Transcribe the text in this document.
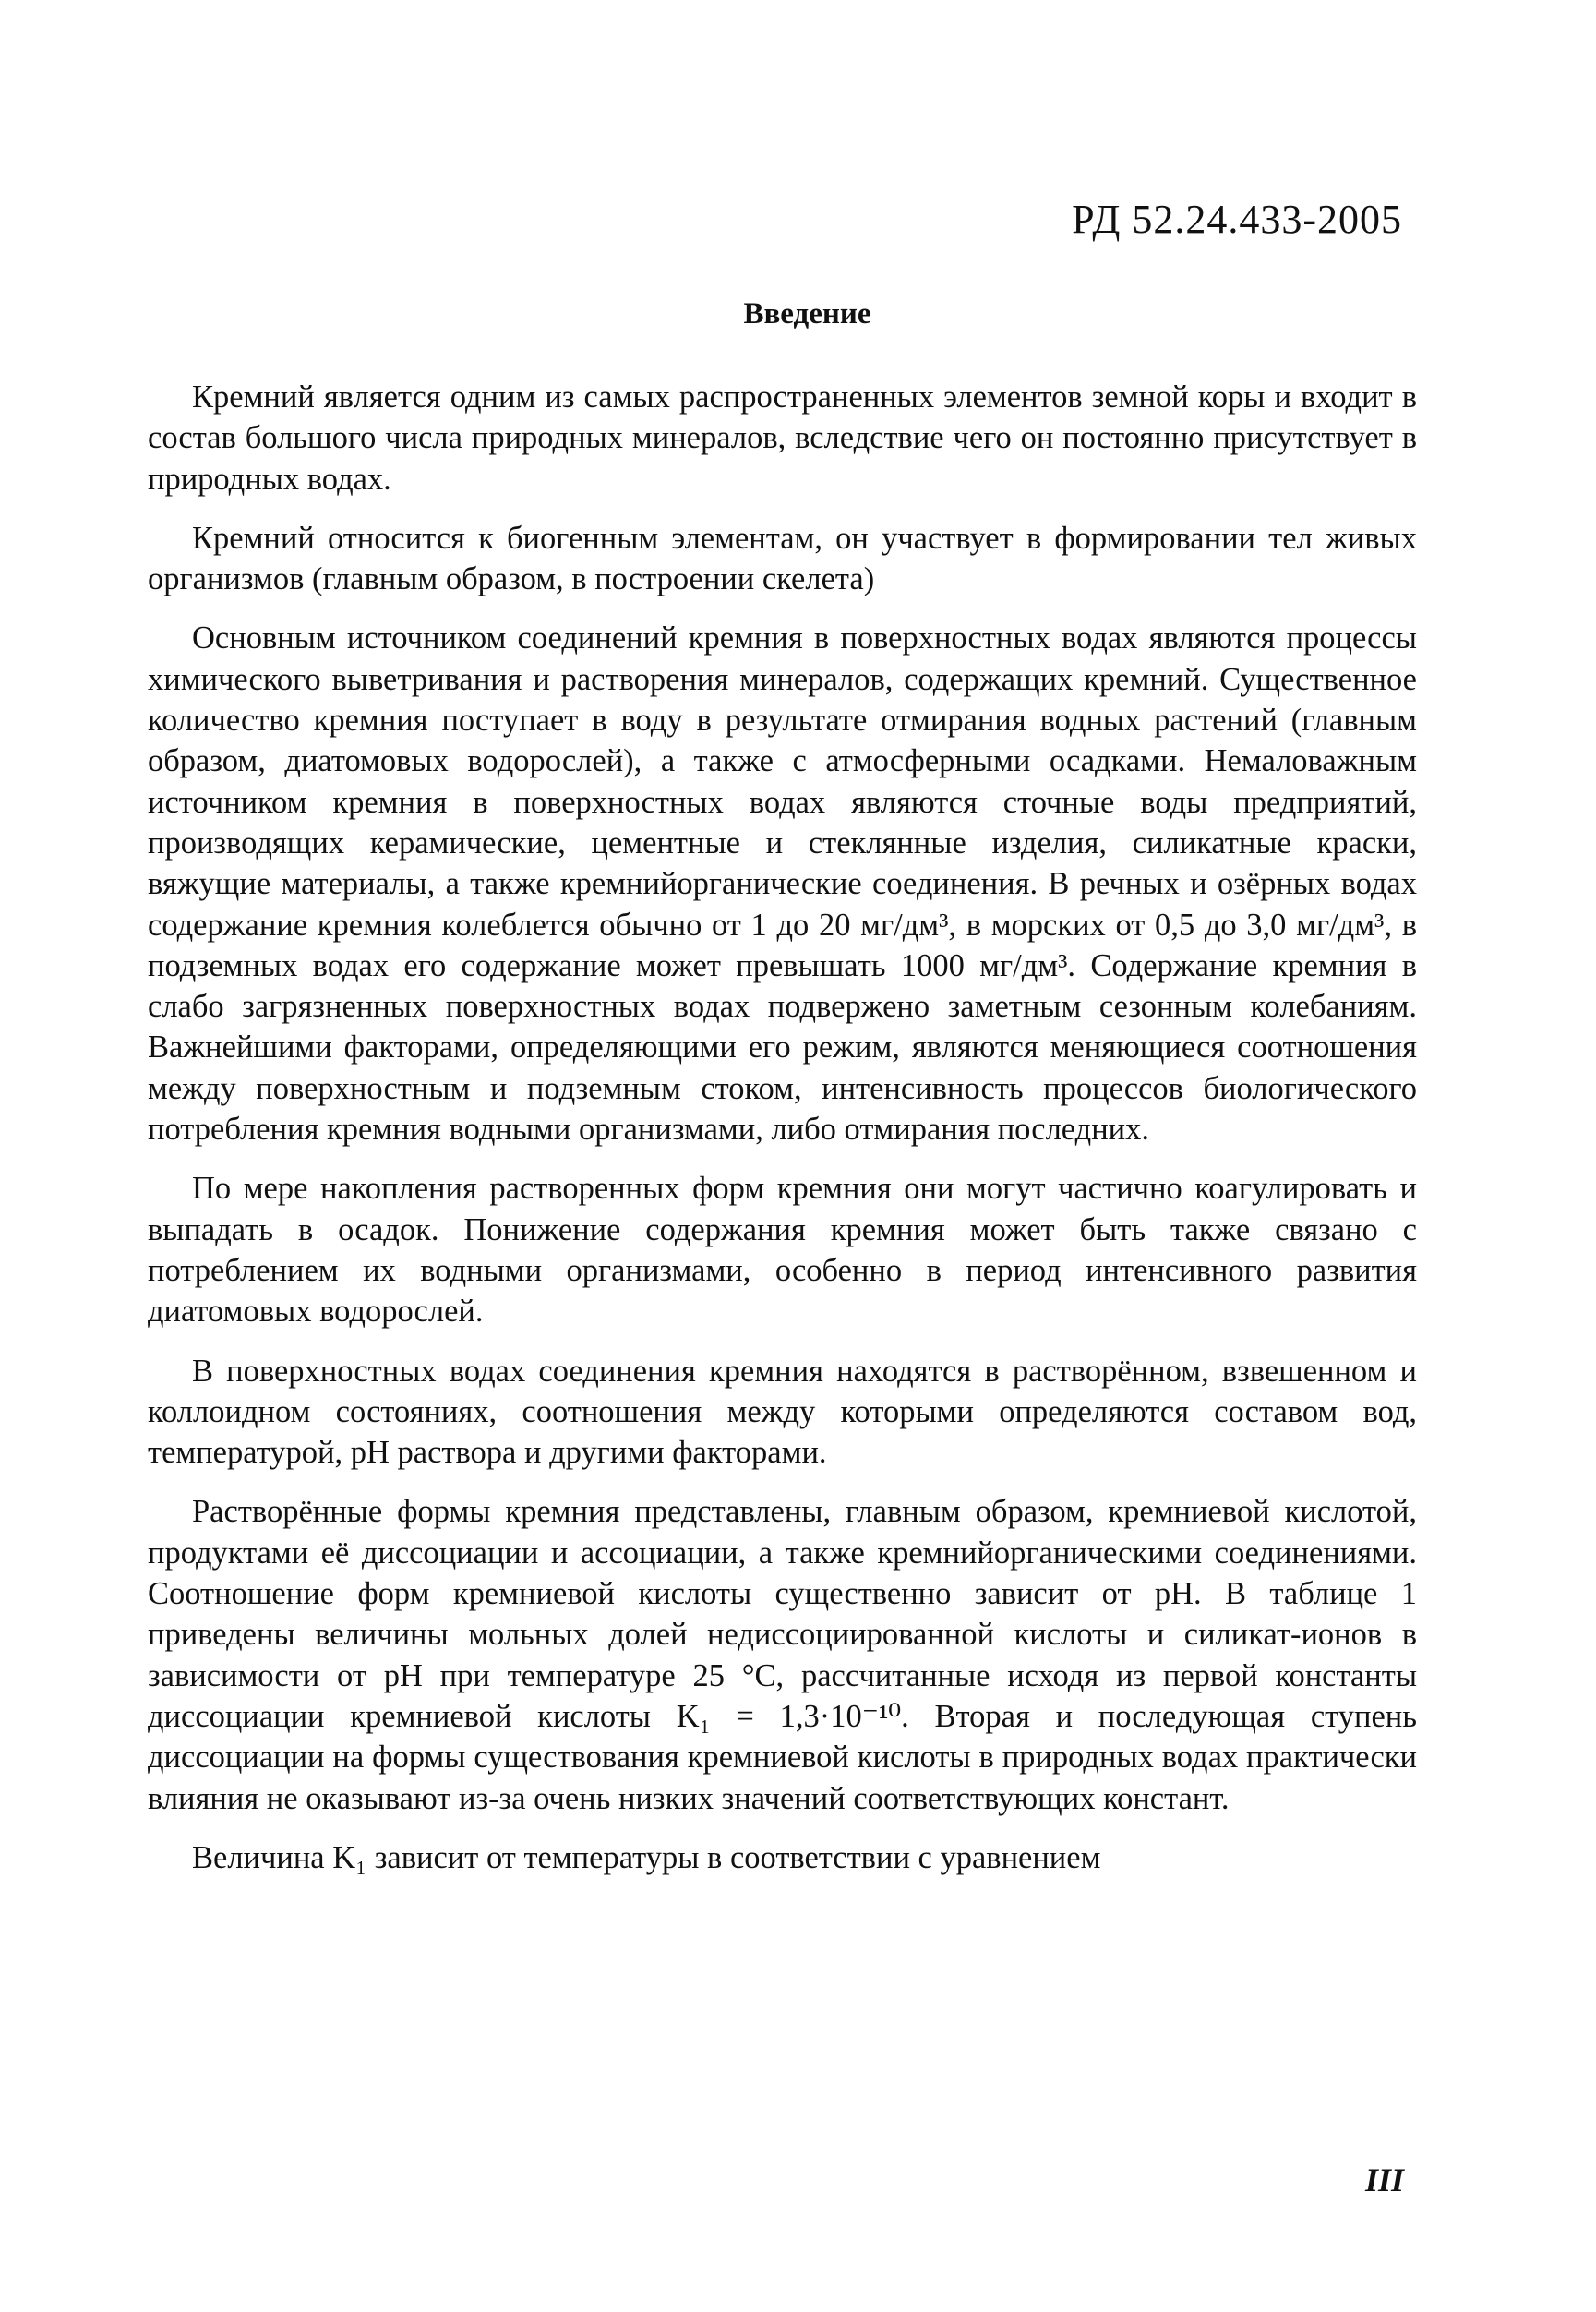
РД 52.24.433-2005
Введение

Кремний является одним из самых распространенных элементов земной коры и входит в состав большого числа природных минералов, вследствие чего он постоянно присутствует в природных водах.

Кремний относится к биогенным элементам, он участвует в формировании тел живых организмов (главным образом, в построении скелета)

Основным источником соединений кремния в поверхностных водах являются процессы химического выветривания и растворения минералов, содержащих кремний. Существенное количество кремния поступает в воду в результате отмирания водных растений (главным образом, диатомовых водорослей), а также с атмосферными осадками. Немаловажным источником кремния в поверхностных водах являются сточные воды предприятий, производящих керамические, цементные и стеклянные изделия, силикатные краски, вяжущие материалы, а также кремнийорганические соединения. В речных и озёрных водах содержание кремния колеблется обычно от 1 до 20 мг/дм³, в морских от 0,5 до 3,0 мг/дм³, в подземных водах его содержание может превышать 1000 мг/дм³. Содержание кремния в слабо загрязненных поверхностных водах подвержено заметным сезонным колебаниям. Важнейшими факторами, определяющими его режим, являются меняющиеся соотношения между поверхностным и подземным стоком, интенсивность процессов биологического потребления кремния водными организмами, либо отмирания последних.

По мере накопления растворенных форм кремния они могут частично коагулировать и выпадать в осадок. Понижение содержания кремния может быть также связано с потреблением их водными организмами, особенно в период интенсивного развития диатомовых водорослей.

В поверхностных водах соединения кремния находятся в растворённом, взвешенном и коллоидном состояниях, соотношения между которыми определяются составом вод, температурой, рН раствора и другими факторами.

Растворённые формы кремния представлены, главным образом, кремниевой кислотой, продуктами её диссоциации и ассоциации, а также кремнийорганическими соединениями. Соотношение форм кремниевой кислоты существенно зависит от рН. В таблице 1 приведены величины мольных долей недиссоциированной кислоты и силикат-ионов в зависимости от рН при температуре 25 °С, рассчитанные исходя из первой константы диссоциации кремниевой кислоты K₁ = 1,3·10⁻¹⁰. Вторая и последующая ступень диссоциации на формы существования кремниевой кислоты в природных водах практически влияния не оказывают из-за очень низких значений соответствующих констант.

Величина K₁ зависит от температуры в соответствии с уравнением

III
